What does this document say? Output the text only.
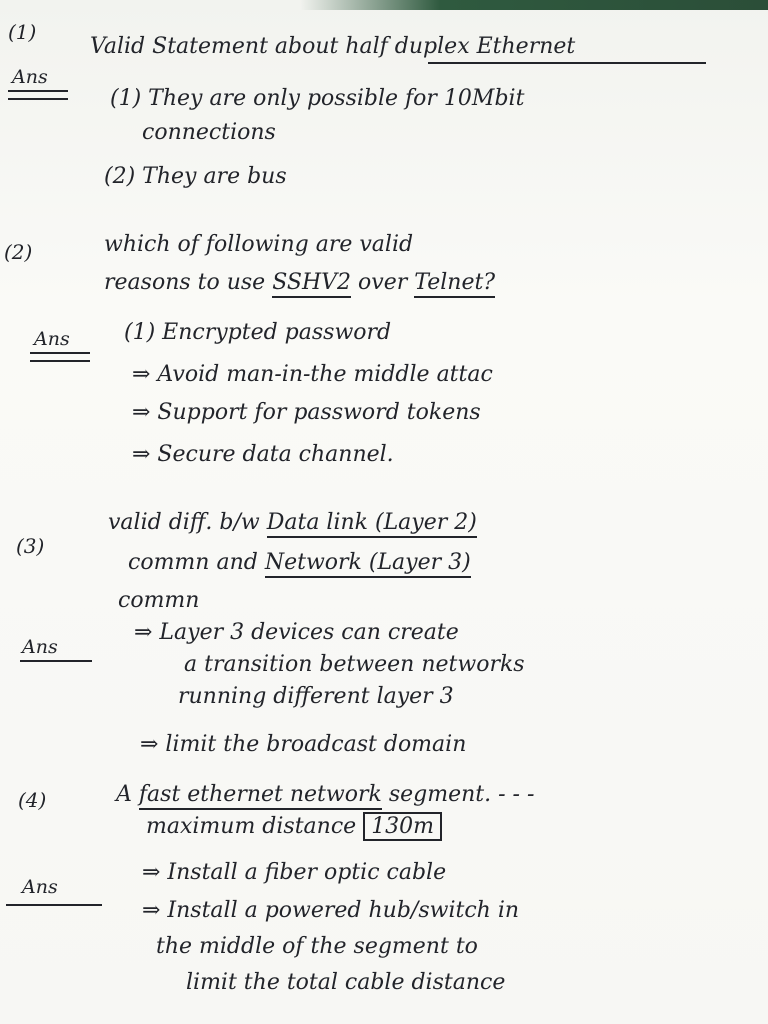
(1)
Valid Statement about half duplex Ethernet
Ans
(1) They are only possible for 10Mbit
connections
(2) They are bus
(2)	which of following are valid
reasons to use SSHV2 over Telnet?
Ans (1) Encrypted password
⇒ Avoid man-in-the middle attac
⇒ Support for password tokens
⇒ Secure data channel.
(3)
valid diff. b/w Data link (Layer 2)
commn and Network (Layer 3)
commn
Ans
⇒ Layer 3 devices can create
a transition between networks
running different layer 3
⇒ limit the broadcast domain
(4)	A fast ethernet network segment. - - -
maximum distance 130m
Ans
⇒ Install a fiber optic cable
⇒ Install a powered hub/switch in
the middle of the segment to
limit the total cable distance
